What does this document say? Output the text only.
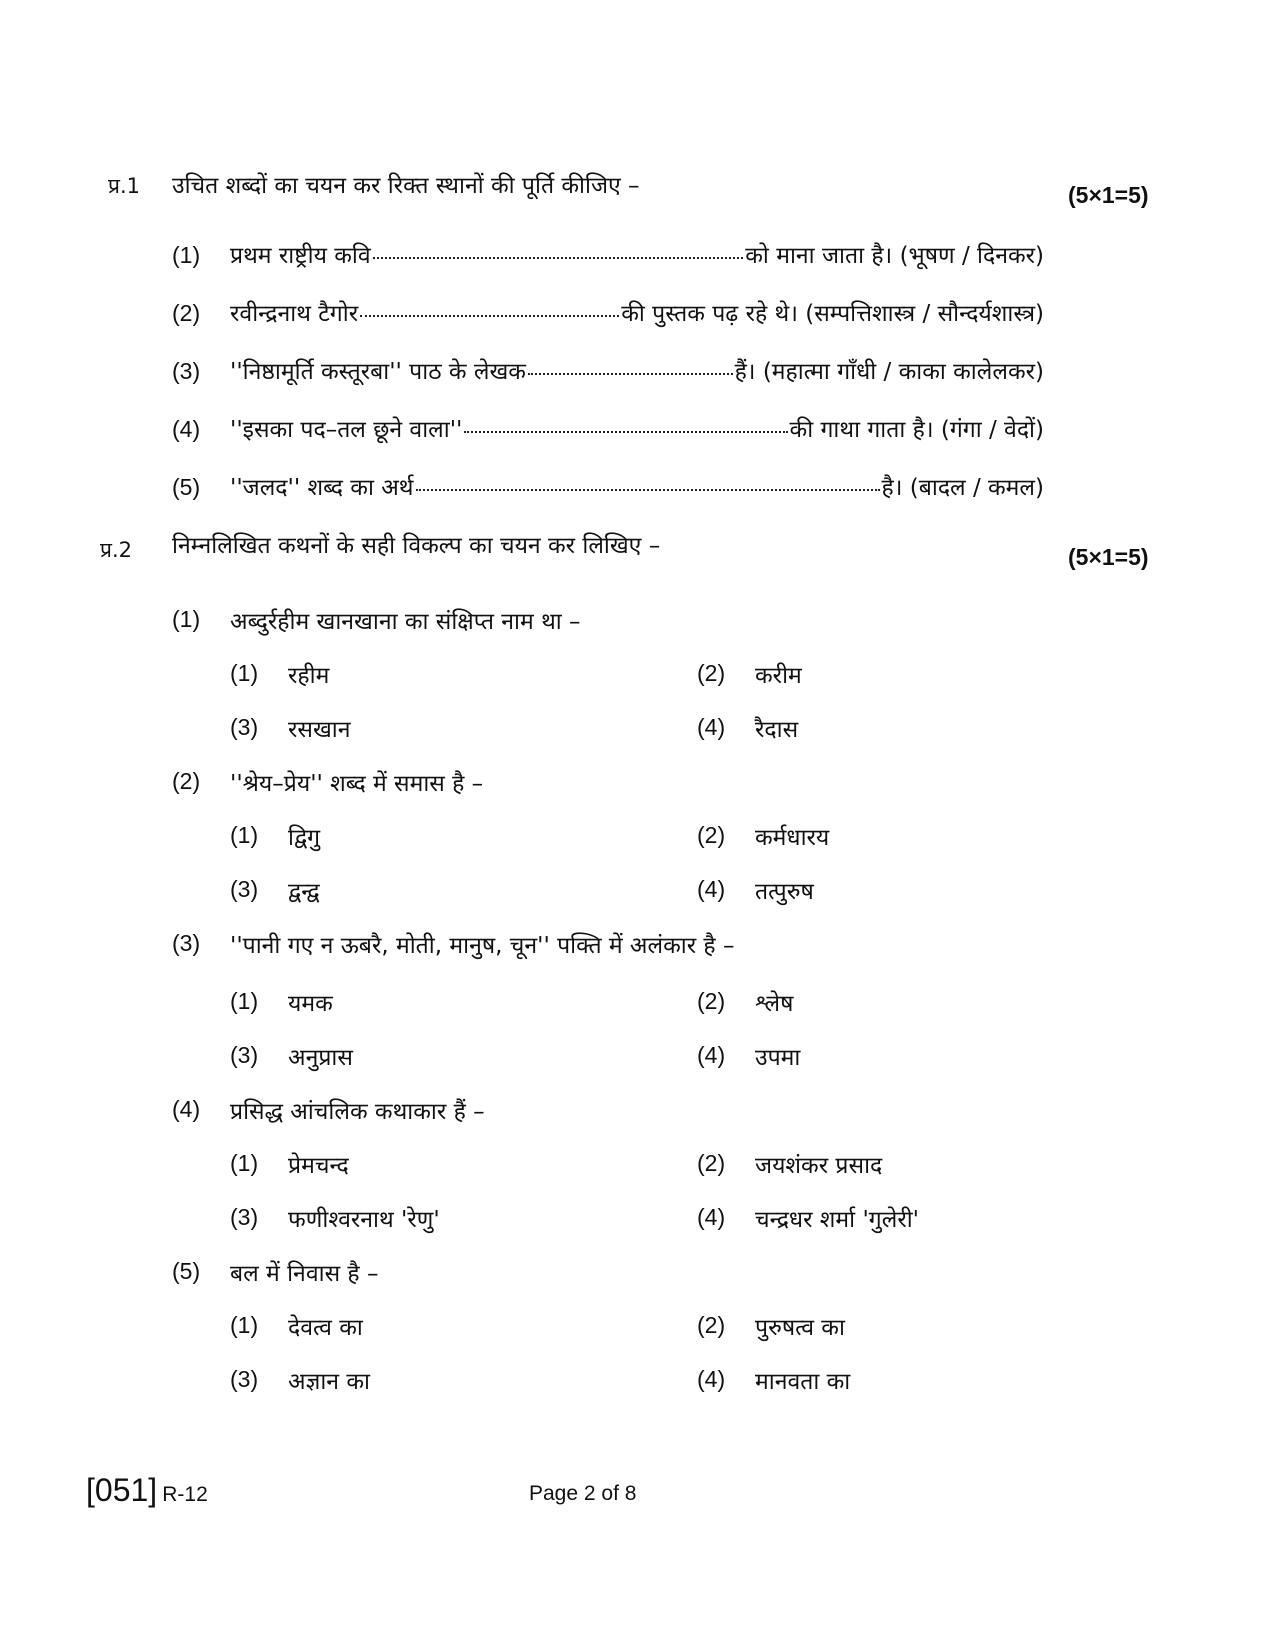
प्र.1 उचित शब्दों का चयन कर रिक्त स्थानों की पूर्ति कीजिए –	(5×1=5)
(1)	प्रथम राष्ट्रीय कवि	को माना जाता है। (भूषण / दिनकर)
(2)	रवीन्द्रनाथ टैगोर	की पुस्तक पढ़ रहे थे। (सम्पत्तिशास्त्र / सौन्दर्यशास्त्र)
(3)	''निष्ठामूर्ति कस्तूरबा'' पाठ के लेखक	हैं। (महात्मा गाँधी / काका कालेलकर)
(4)	''इसका पद–तल छूने वाला''	की गाथा गाता है। (गंगा / वेदों)
(5)	''जलद'' शब्द का अर्थ	है। (बादल / कमल)
प्र.2 निम्नलिखित कथनों के सही विकल्प का चयन कर लिखिए –	(5×1=5)
(1) अब्दुर्रहीम खानखाना का संक्षिप्त नाम था –
(1) रहीम	(2) करीम
(3) रसखान	(4) रैदास
(2) ''श्रेय–प्रेय'' शब्द में समास है –
(1) द्विगु	(2) कर्मधारय
(3) द्वन्द्व	(4) तत्पुरुष
(3) ''पानी गए न ऊबरै, मोती, मानुष, चून'' पक्ति में अलंकार है –
(1) यमक	(2) श्लेष
(3) अनुप्रास	(4) उपमा
(4) प्रसिद्ध आंचलिक कथाकार हैं –
(1) प्रेमचन्द	(2) जयशंकर प्रसाद
(3) फणीश्वरनाथ 'रेणु'	(4) चन्द्रधर शर्मा 'गुलेरी'
(5) बल में निवास है –
(1) देवत्व का	(2) पुरुषत्व का
(3) अज्ञान का	(4) मानवता का
[051] R-12	Page 2 of 8
